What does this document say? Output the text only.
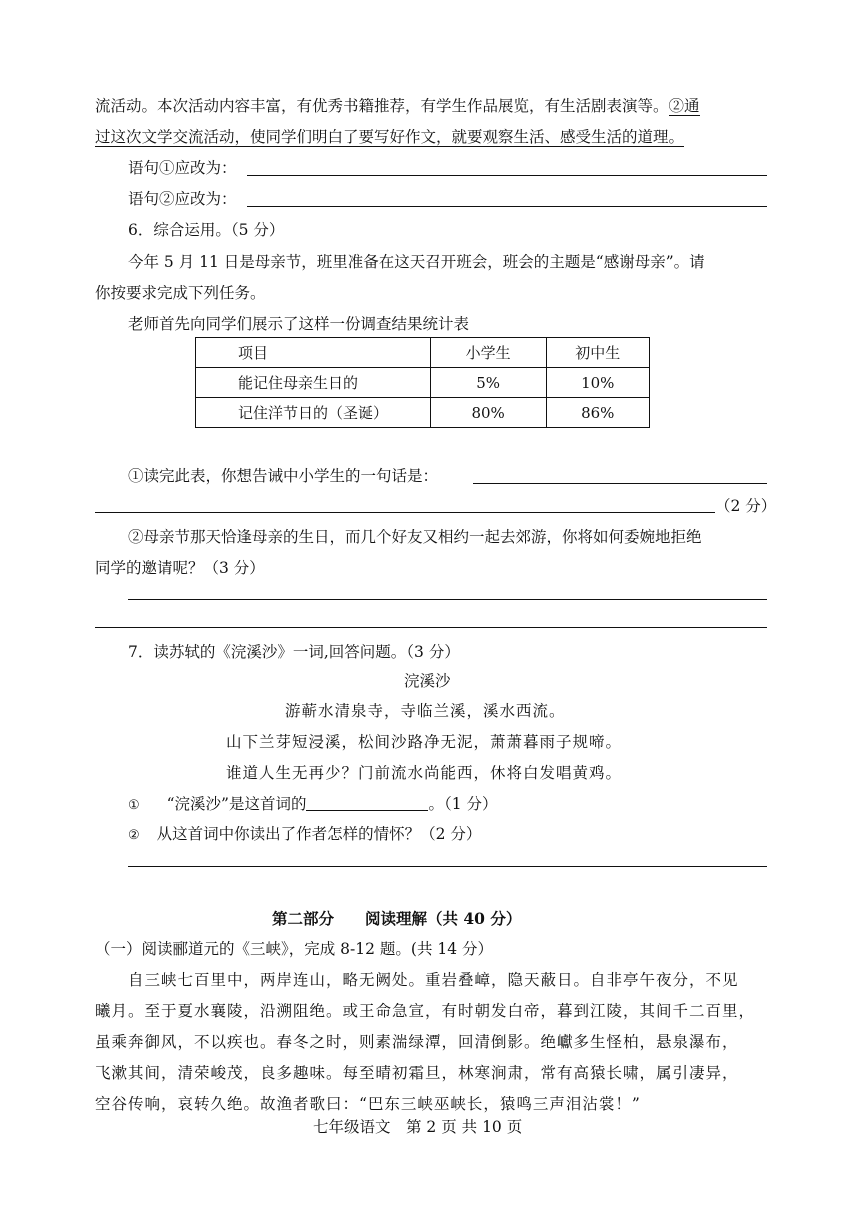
流活动。本次活动内容丰富，有优秀书籍推荐，有学生作品展览，有生活剧表演等。②通
过这次文学交流活动，使同学们明白了要写好作文，就要观察生活、感受生活的道理。
语句①应改为：
语句②应改为：
6．综合运用。（5 分）
今年 5 月 11 日是母亲节，班里准备在这天召开班会，班会的主题是“感谢母亲”。请
你按要求完成下列任务。
老师首先向同学们展示了这样一份调查结果统计表
项目	小学生	初中生
能记住母亲生日的	5%	10%
记住洋节日的（圣诞）	80%	86%
①读完此表，你想告诫中小学生的一句话是：
（2 分）
②母亲节那天恰逢母亲的生日，而几个好友又相约一起去郊游，你将如何委婉地拒绝
同学的邀请呢？（3 分）
7．读苏轼的《浣溪沙》一词,回答问题。（3 分）
浣溪沙
游蕲水清泉寺，寺临兰溪，溪水西流。
山下兰芽短浸溪，松间沙路净无泥，萧萧暮雨子规啼。
谁道人生无再少？门前流水尚能西，休将白发唱黄鸡。
① “浣溪沙”是这首词的	。（1 分）
② 从这首词中你读出了作者怎样的情怀？（2 分）
第二部分　　阅读理解（共 40 分）
（一）阅读郦道元的《三峡》，完成 8-12 题。(共 14 分）
自三峡七百里中，两岸连山，略无阙处。重岩叠嶂，隐天蔽日。自非亭午夜分，不见
曦月。至于夏水襄陵，沿溯阻绝。或王命急宣，有时朝发白帝，暮到江陵，其间千二百里，
虽乘奔御风，不以疾也。春冬之时，则素湍绿潭，回清倒影。绝巘多生怪柏，悬泉瀑布，
飞漱其间，清荣峻茂，良多趣味。每至晴初霜旦，林寒涧肃，常有高猿长啸，属引凄异，
空谷传响，哀转久绝。故渔者歌曰：“巴东三峡巫峡长，猿鸣三声泪沾裳！”
七年级语文　第 2 页 共 10 页
